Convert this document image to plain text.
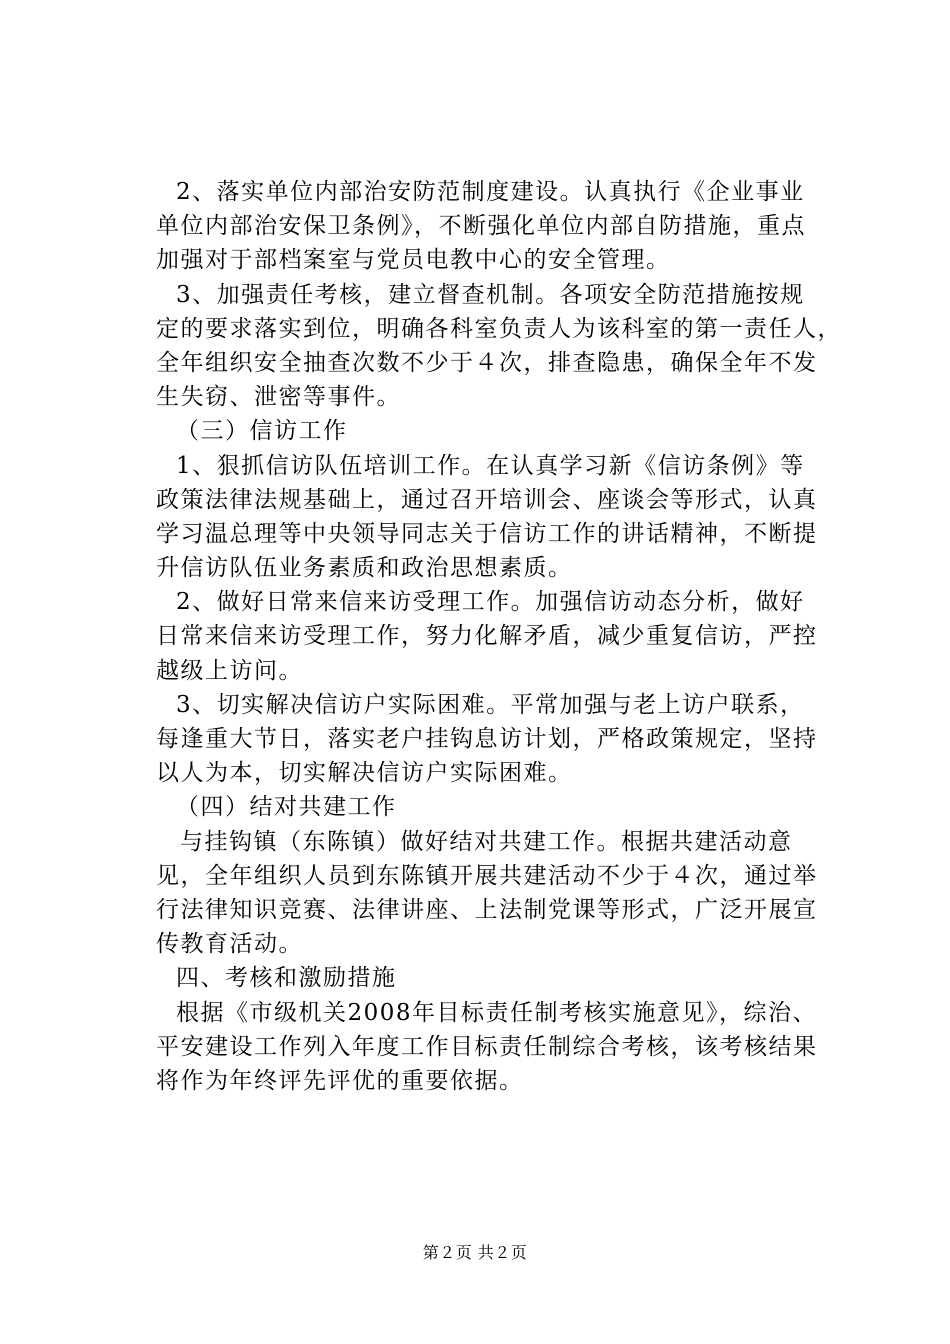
2、落实单位内部治安防范制度建设。认真执行《企业事业
单位内部治安保卫条例》，不断强化单位内部自防措施，重点
加强对于部档案室与党员电教中心的安全管理。
3、加强责任考核，建立督查机制。各项安全防范措施按规
定的要求落实到位，明确各科室负责人为该科室的第一责任人，
全年组织安全抽查次数不少于４次，排查隐患，确保全年不发
生失窃、泄密等事件。
（三）信访工作
1、狠抓信访队伍培训工作。在认真学习新《信访条例》等
政策法律法规基础上，通过召开培训会、座谈会等形式，认真
学习温总理等中央领导同志关于信访工作的讲话精神，不断提
升信访队伍业务素质和政治思想素质。
2、做好日常来信来访受理工作。加强信访动态分析，做好
日常来信来访受理工作，努力化解矛盾，减少重复信访，严控
越级上访问。
3、切实解决信访户实际困难。平常加强与老上访户联系，
每逢重大节日，落实老户挂钩息访计划，严格政策规定，坚持
以人为本，切实解决信访户实际困难。
（四）结对共建工作
与挂钩镇（东陈镇）做好结对共建工作。根据共建活动意
见，全年组织人员到东陈镇开展共建活动不少于４次，通过举
行法律知识竞赛、法律讲座、上法制党课等形式，广泛开展宣
传教育活动。
四、考核和激励措施
根据《市级机关2008年目标责任制考核实施意见》，综治、
平安建设工作列入年度工作目标责任制综合考核，该考核结果
将作为年终评先评优的重要依据。
第２页 共２页
